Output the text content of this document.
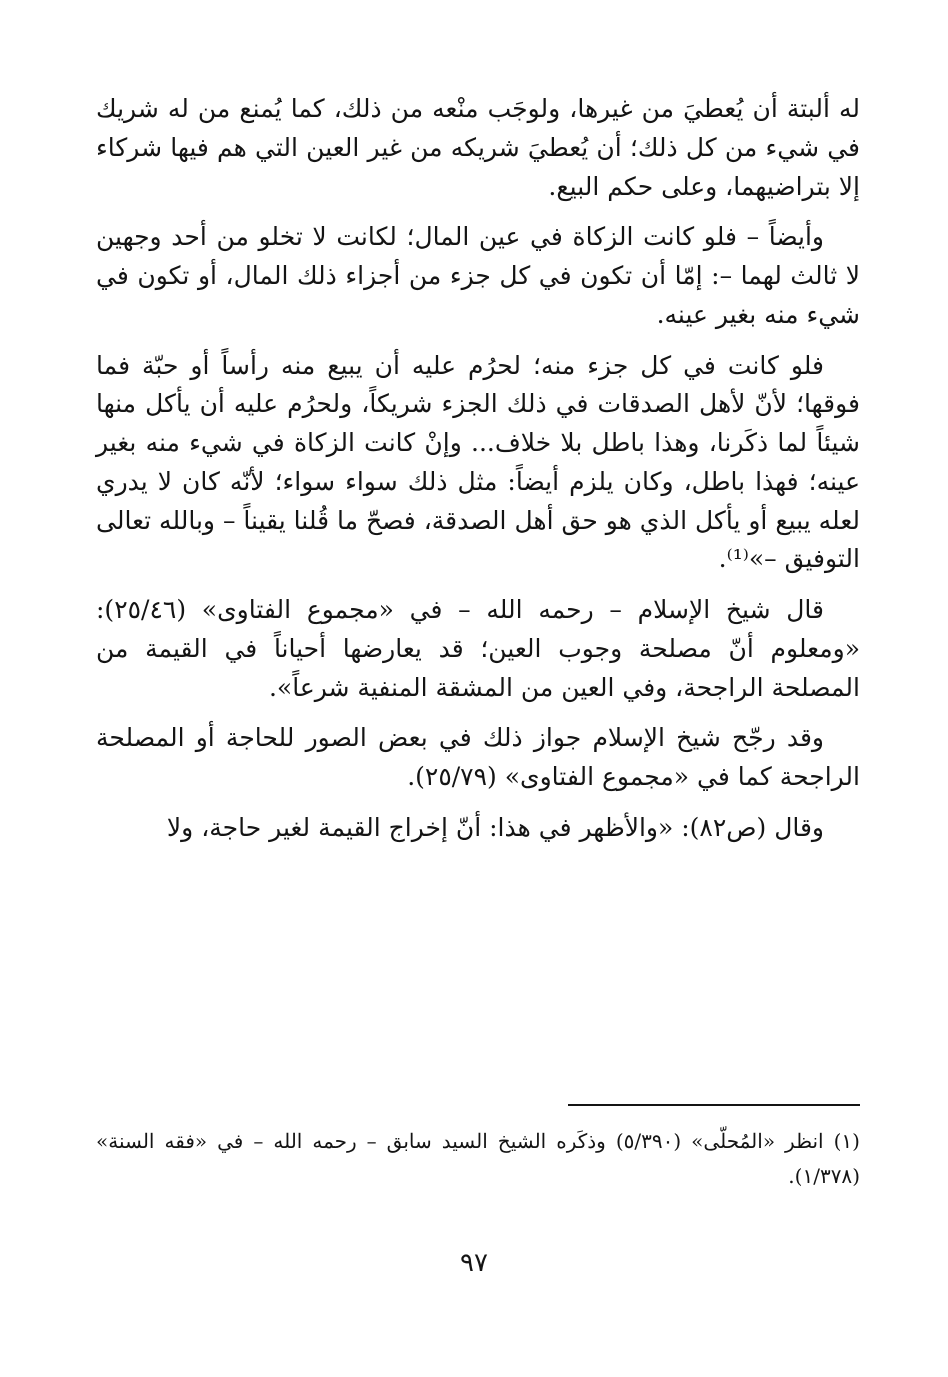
له ألبتة أن يُعطيَ من غيرها، ولوجَب منْعه من ذلك، كما يُمنع من له شريك في شيء من كل ذلك؛ أن يُعطيَ شريكه من غير العين التي هم فيها شركاء إلا بتراضيهما، وعلى حكم البيع.

وأيضاً – فلو كانت الزكاة في عين المال؛ لكانت لا تخلو من أحد وجهين لا ثالث لهما –: إمّا أن تكون في كل جزء من أجزاء ذلك المال، أو تكون في شيء منه بغير عينه.

فلو كانت في كل جزء منه؛ لحرُم عليه أن يبيع منه رأساً أو حبّة فما فوقها؛ لأنّ لأهل الصدقات في ذلك الجزء شريكاً، ولحرُم عليه أن يأكل منها شيئاً لما ذكَرنا، وهذا باطل بلا خلاف... وإنْ كانت الزكاة في شيء منه بغير عينه؛ فهذا باطل، وكان يلزم أيضاً: مثل ذلك سواء سواء؛ لأنّه كان لا يدري لعله يبيع أو يأكل الذي هو حق أهل الصدقة، فصحّ ما قُلنا يقيناً – وبالله تعالى التوفيق –»⁽¹⁾.

قال شيخ الإسلام – رحمه الله – في «مجموع الفتاوى» (٢٥/٤٦): «ومعلوم أنّ مصلحة وجوب العين؛ قد يعارضها أحياناً في القيمة من المصلحة الراجحة، وفي العين من المشقة المنفية شرعاً».

وقد رجّح شيخ الإسلام جواز ذلك في بعض الصور للحاجة أو المصلحة الراجحة كما في «مجموع الفتاوى» (٢٥/٧٩).

وقال (ص٨٢): «والأظهر في هذا: أنّ إخراج القيمة لغير حاجة، ولا

(١) انظر «المُحلّى» (٥/٣٩٠) وذكَره الشيخ السيد سابق – رحمه الله – في «فقه السنة» (١/٣٧٨).

٩٧
